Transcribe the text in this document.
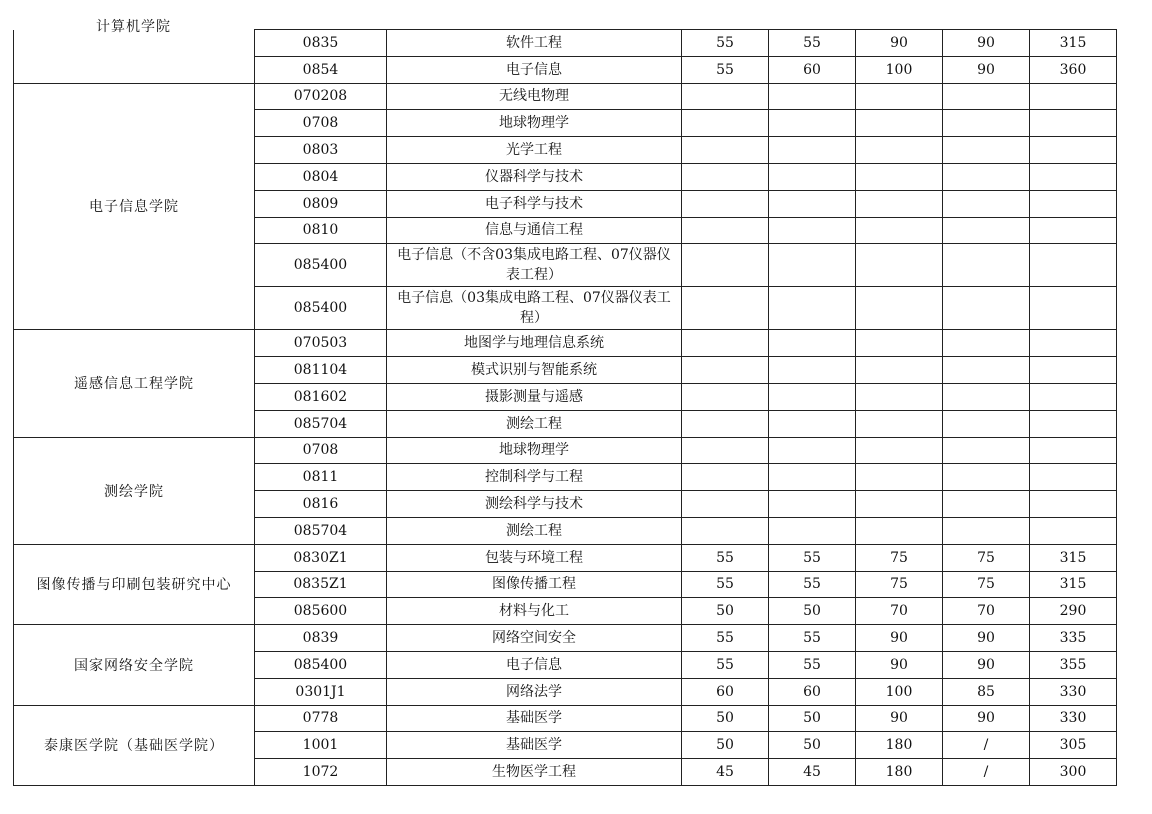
计算机学院
	0835	软件工程	55	55	90	90	315
	0854	电子信息	55	60	100	90	360
电子信息学院	070208	无线电物理					
	0708	地球物理学					
	0803	光学工程					
	0804	仪器科学与技术					
	0809	电子科学与技术					
	0810	信息与通信工程					
	085400	电子信息（不含03集成电路工程、07仪器仪表工程）					
	085400	电子信息（03集成电路工程、07仪器仪表工程）					
遥感信息工程学院	070503	地图学与地理信息系统					
	081104	模式识别与智能系统					
	081602	摄影测量与遥感					
	085704	测绘工程					
测绘学院	0708	地球物理学					
	0811	控制科学与工程					
	0816	测绘科学与技术					
	085704	测绘工程					
图像传播与印刷包装研究中心	0830Z1	包装与环境工程	55	55	75	75	315
	0835Z1	图像传播工程	55	55	75	75	315
	085600	材料与化工	50	50	70	70	290
国家网络安全学院	0839	网络空间安全	55	55	90	90	335
	085400	电子信息	55	55	90	90	355
	0301J1	网络法学	60	60	100	85	330
泰康医学院（基础医学院）	0778	基础医学	50	50	90	90	330
	1001	基础医学	50	50	180	/	305
	1072	生物医学工程	45	45	180	/	300
